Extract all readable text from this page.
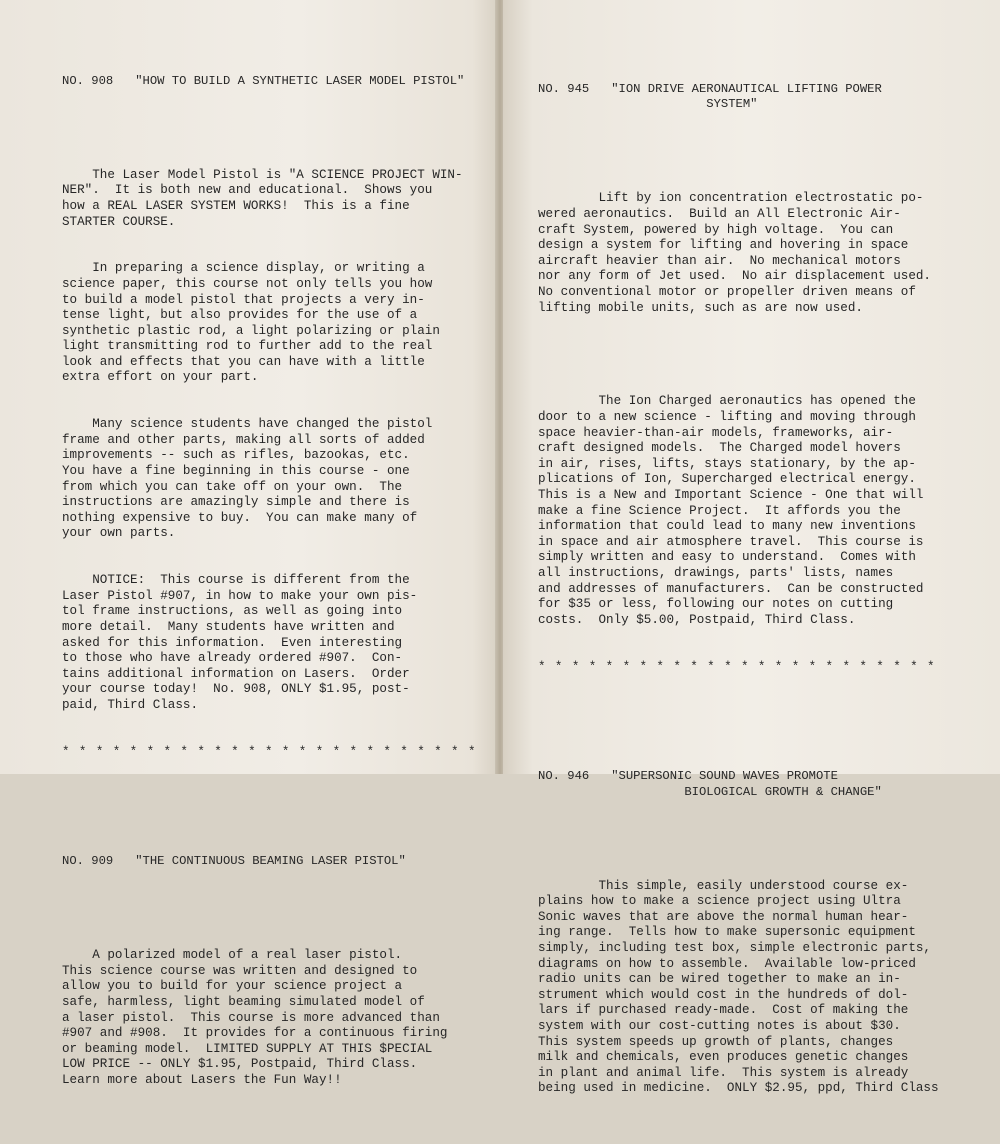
NO. 908 "HOW TO BUILD A SYNTHETIC LASER MODEL PISTOL"

The Laser Model Pistol is "A SCIENCE PROJECT WIN-
NER".  It is both new and educational.  Shows you
how a REAL LASER SYSTEM WORKS!  This is a fine
STARTER COURSE.

In preparing a science display, or writing a
science paper, this course not only tells you how
to build a model pistol that projects a very in-
tense light, but also provides for the use of a
synthetic plastic rod, a light polarizing or plain
light transmitting rod to further add to the real
look and effects that you can have with a little
extra effort on your part.

Many science students have changed the pistol
frame and other parts, making all sorts of added
improvements -- such as rifles, bazookas, etc.
You have a fine beginning in this course - one
from which you can take off on your own.  The
instructions are amazingly simple and there is
nothing expensive to buy.  You can make many of
your own parts.

NOTICE:  This course is different from the
Laser Pistol #907, in how to make your own pis-
tol frame instructions, as well as going into
more detail.  Many students have written and
asked for this information.  Even interesting
to those who have already ordered #907.  Con-
tains additional information on Lasers.  Order
your course today!  No. 908, ONLY $1.95, post-
paid, Third Class.

* * * * * * * * * * * * * * * * * * * * * * * * *

NO. 909 "THE CONTINUOUS BEAMING LASER PISTOL"

A polarized model of a real laser pistol.
This science course was written and designed to
allow you to build for your science project a
safe, harmless, light beaming simulated model of
a laser pistol.  This course is more advanced than
#907 and #908.  It provides for a continuous firing
or beaming model.  LIMITED SUPPLY AT THIS $PECIAL
LOW PRICE -- ONLY $1.95, Postpaid, Third Class.
Learn more about Lasers the Fun Way!!

NO. 945 "ION DRIVE AERONAUTICAL LIFTING POWER
SYSTEM"

Lift by ion concentration electrostatic po-
wered aeronautics.  Build an All Electronic Air-
craft System, powered by high voltage.  You can
design a system for lifting and hovering in space
aircraft heavier than air.  No mechanical motors
nor any form of Jet used.  No air displacement used.
No conventional motor or propeller driven means of
lifting mobile units, such as are now used.

The Ion Charged aeronautics has opened the
door to a new science - lifting and moving through
space heavier-than-air models, frameworks, air-
craft designed models.  The Charged model hovers
in air, rises, lifts, stays stationary, by the ap-
plications of Ion, Supercharged electrical energy.
This is a New and Important Science - One that will
make a fine Science Project.  It affords you the
information that could lead to many new inventions
in space and air atmosphere travel.  This course is
simply written and easy to understand.  Comes with
all instructions, drawings, parts' lists, names
and addresses of manufacturers.  Can be constructed
for $35 or less, following our notes on cutting
costs.  Only $5.00, Postpaid, Third Class.

* * * * * * * * * * * * * * * * * * * * * * * *

NO. 946 "SUPERSONIC SOUND WAVES PROMOTE
BIOLOGICAL GROWTH & CHANGE"

This simple, easily understood course ex-
plains how to make a science project using Ultra
Sonic waves that are above the normal human hear-
ing range.  Tells how to make supersonic equipment
simply, including test box, simple electronic parts,
diagrams on how to assemble.  Available low-priced
radio units can be wired together to make an in-
strument which would cost in the hundreds of dol-
lars if purchased ready-made.  Cost of making the
system with our cost-cutting notes is about $30.
This system speeds up growth of plants, changes
milk and chemicals, even produces genetic changes
in plant and animal life.  This system is already
being used in medicine.  ONLY $2.95, ppd, Third Class
